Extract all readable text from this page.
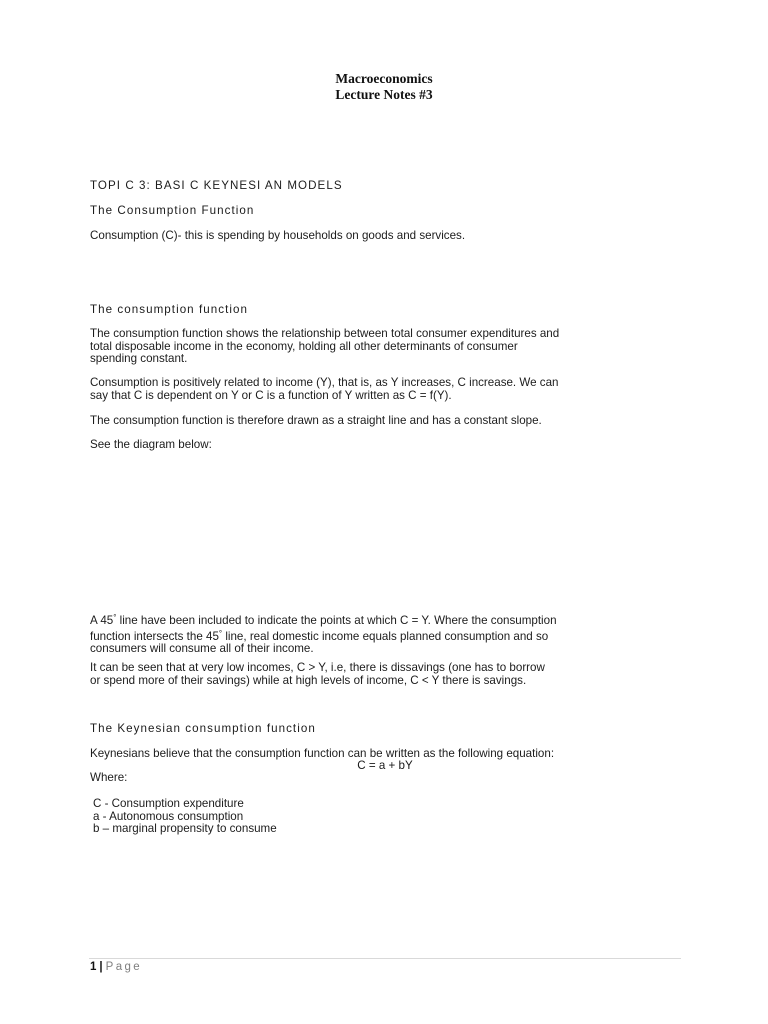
Macroeconomics
Lecture Notes #3
TOPI C 3: BASI C KEYNESI AN MODELS
The Consumption Function
Consumption (C)- this is spending by households on goods and services.
The consumption function
The consumption function shows the relationship between total consumer expenditures and
total disposable income in the economy, holding all other determinants of consumer
spending constant.
Consumption is positively related to income (Y), that is, as Y increases, C increase. We can
say that C is dependent on Y or C is a function of Y written as C = f(Y).
The consumption function is therefore drawn as a straight line and has a constant slope.
See the diagram below:
A 45° line have been included to indicate the points at which C = Y. Where the consumption
function intersects the 45° line, real domestic income equals planned consumption and so
consumers will consume all of their income.
It can be seen that at very low incomes, C > Y, i.e, there is dissavings (one has to borrow
or spend more of their savings) while at high levels of income, C < Y there is savings.
The Keynesian consumption function
Keynesians believe that the consumption function can be written as the following equation:
C = a + bY
Where:
C - Consumption expenditure
a - Autonomous consumption
b – marginal propensity to consume
1 | Page
